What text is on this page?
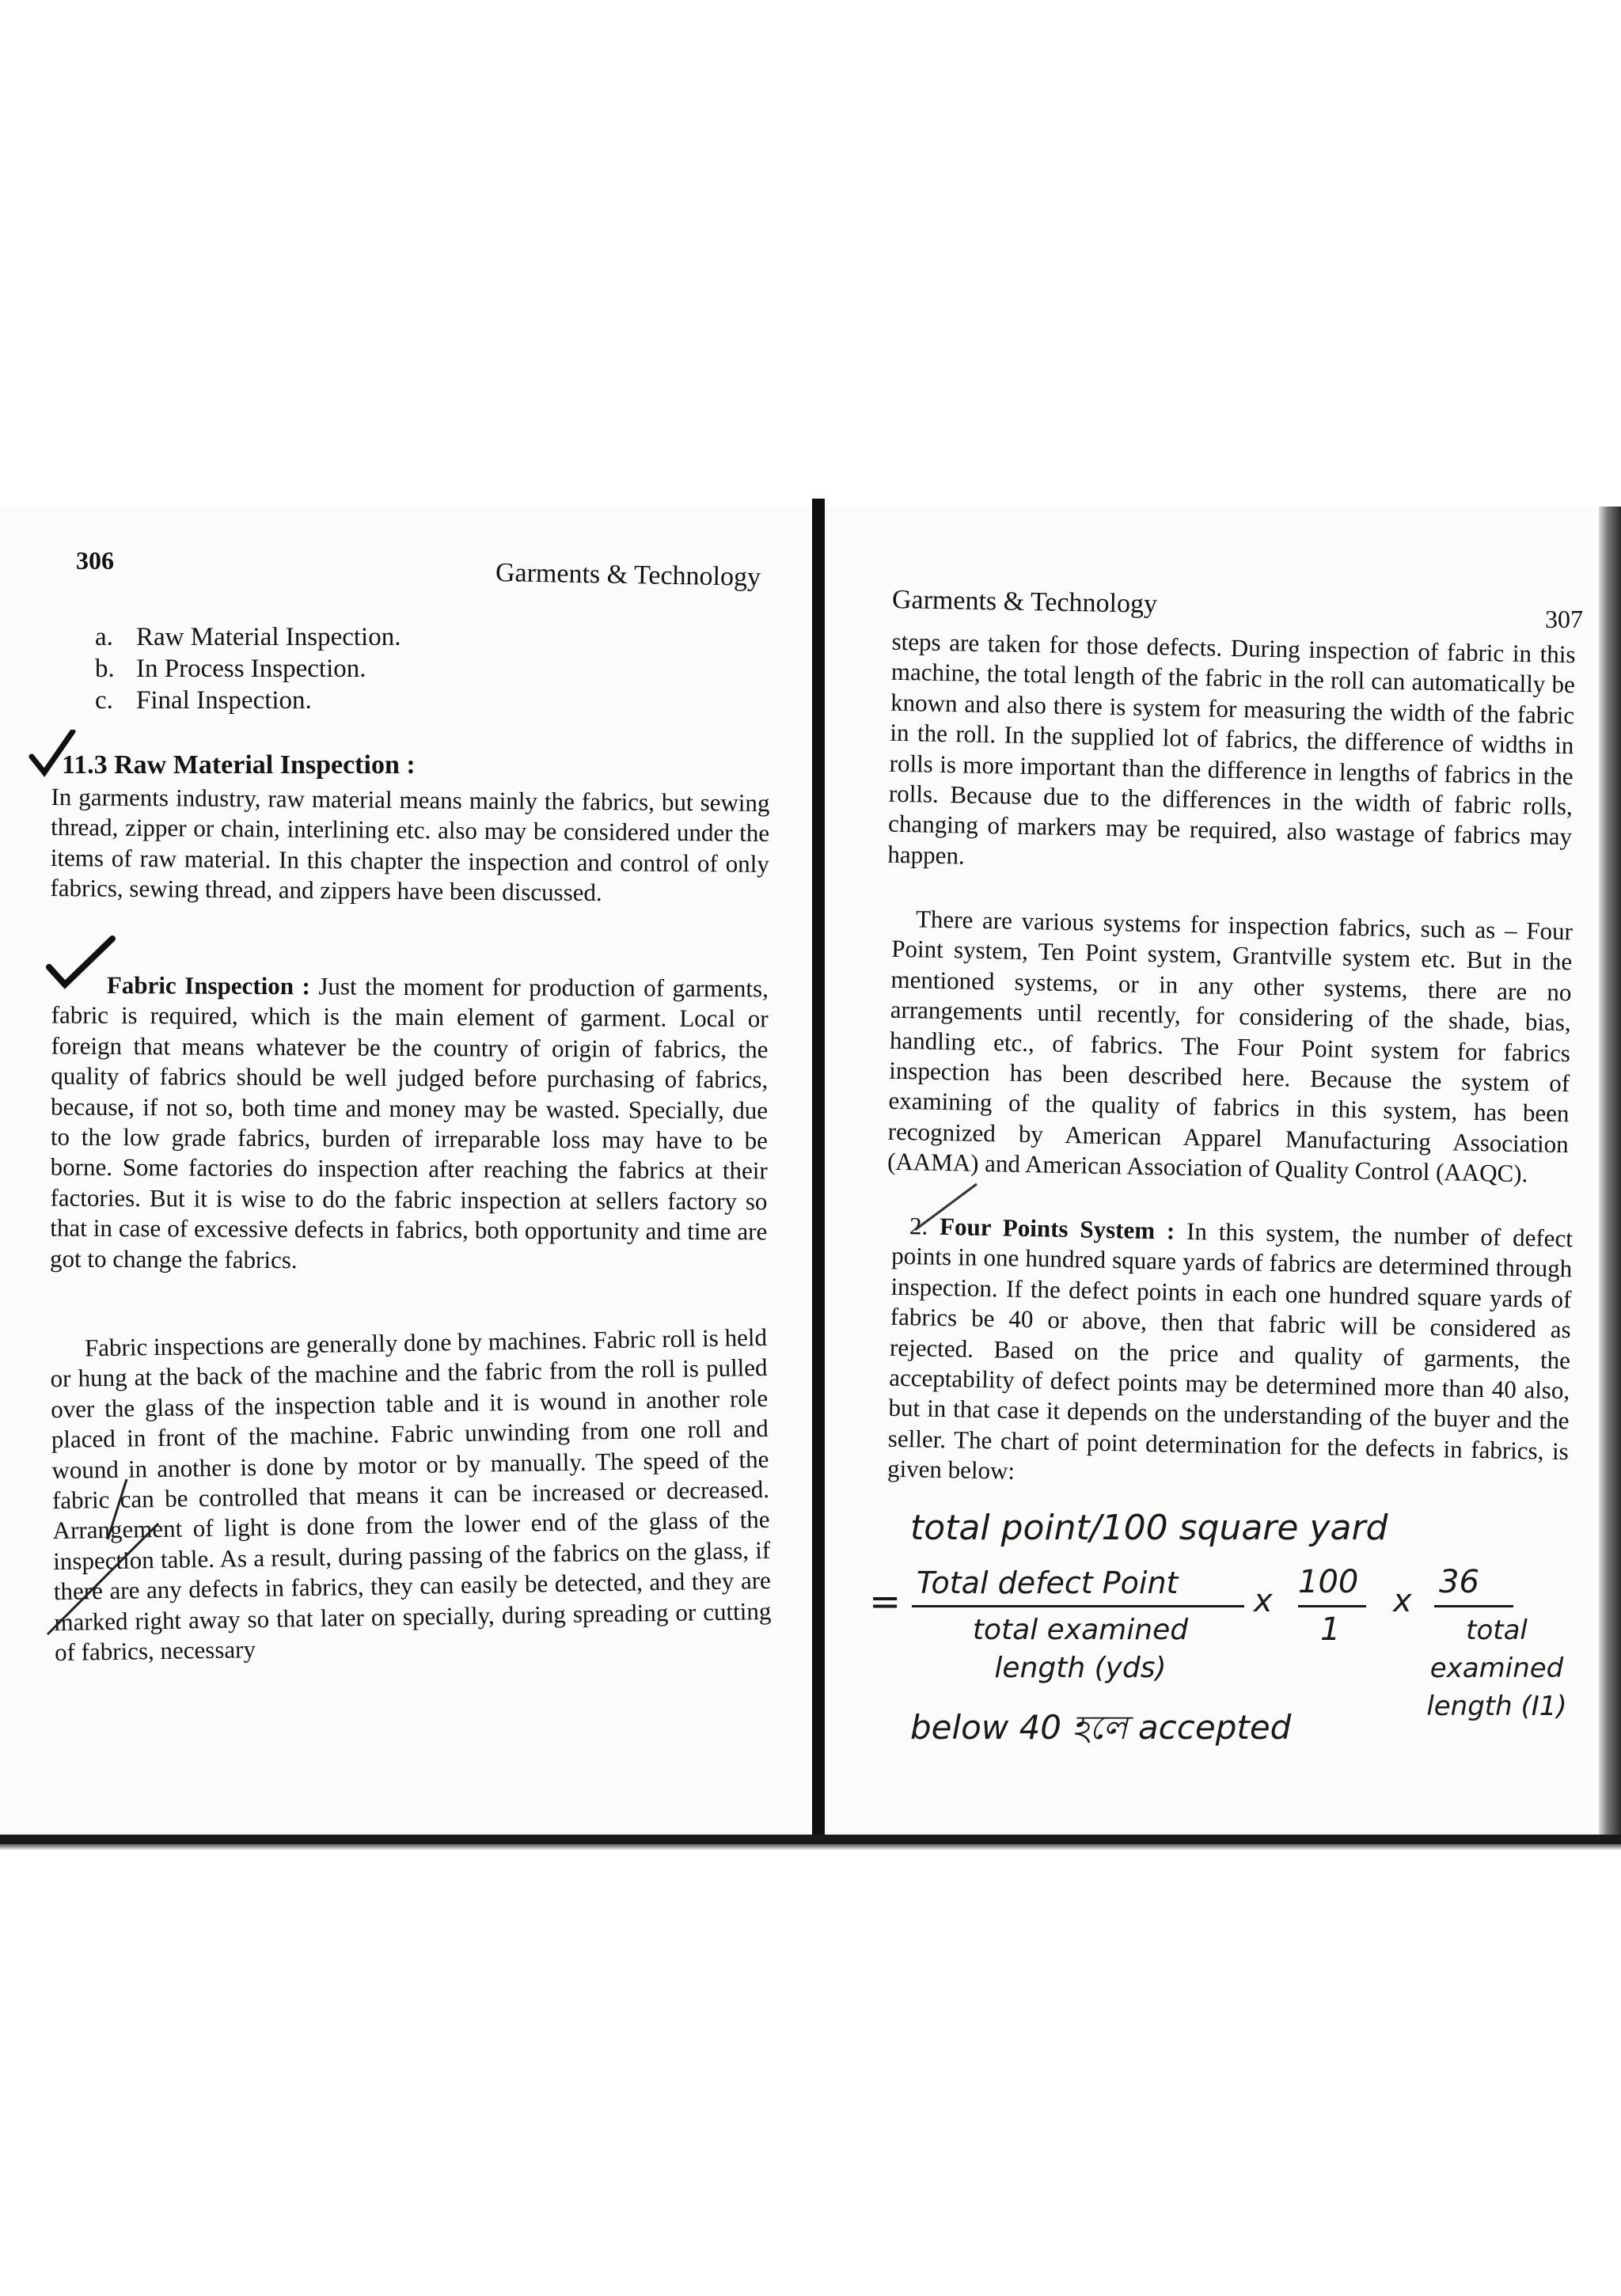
306	Garments & Technology
a. Raw Material Inspection.
b. In Process Inspection.
c. Final Inspection.
11.3 Raw Material Inspection :
In garments industry, raw material means mainly the fabrics, but sewing thread, zipper or chain, interlining etc. also may be considered under the items of raw material. In this chapter the inspection and control of only fabrics, sewing thread, and zippers have been discussed.
Fabric Inspection : Just the moment for production of garments, fabric is required, which is the main element of garment. Local or foreign that means whatever be the country of origin of fabrics, the quality of fabrics should be well judged before purchasing of fabrics, because, if not so, both time and money may be wasted. Specially, due to the low grade fabrics, burden of irreparable loss may have to be borne. Some factories do inspection after reaching the fabrics at their factories. But it is wise to do the fabric inspection at sellers factory so that in case of excessive defects in fabrics, both opportunity and time are got to change the fabrics.
Fabric inspections are generally done by machines. Fabric roll is held or hung at the back of the machine and the fabric from the roll is pulled over the glass of the inspection table and it is wound in another role placed in front of the machine. Fabric unwinding from one roll and wound in another is done by motor or by manually. The speed of the fabric can be controlled that means it can be increased or decreased. Arrangement of light is done from the lower end of the glass of the inspection table. As a result, during passing of the fabrics on the glass, if there are any defects in fabrics, they can easily be detected, and they are marked right away so that later on specially, during spreading or cutting of fabrics, necessary
Garments & Technology
307
steps are taken for those defects. During inspection of fabric in this machine, the total length of the fabric in the roll can automatically be known and also there is system for measuring the width of the fabric in the roll. In the supplied lot of fabrics, the difference of widths in rolls is more important than the difference in lengths of fabrics in the rolls. Because due to the differences in the width of fabric rolls, changing of markers may be required, also wastage of fabrics may happen.
There are various systems for inspection fabrics, such as – Four Point system, Ten Point system, Grantville system etc. But in the mentioned systems, or in any other systems, there are no arrangements until recently, for considering of the shade, bias, handling etc., of fabrics. The Four Point system for fabrics inspection has been described here. Because the system of examining of the quality of fabrics in this system, has been recognized by American Apparel Manufacturing Association (AAMA) and American Association of Quality Control (AAQC).
2. Four Points System : In this system, the number of defect points in one hundred square yards of fabrics are determined through inspection. If the defect points in each one hundred square yards of fabrics be 40 or above, then that fabric will be considered as rejected. Based on the price and quality of garments, the acceptability of defect points may be determined more than 40 also, but in that case it depends on the understanding of the buyer and the seller. The chart of point determination for the defects in fabrics, is given below:
total point/100 square yard
= Total defect Point
total examined length (yds)
x
100
1
x
36
total examined length (I1)
below 40 হলে accepted
